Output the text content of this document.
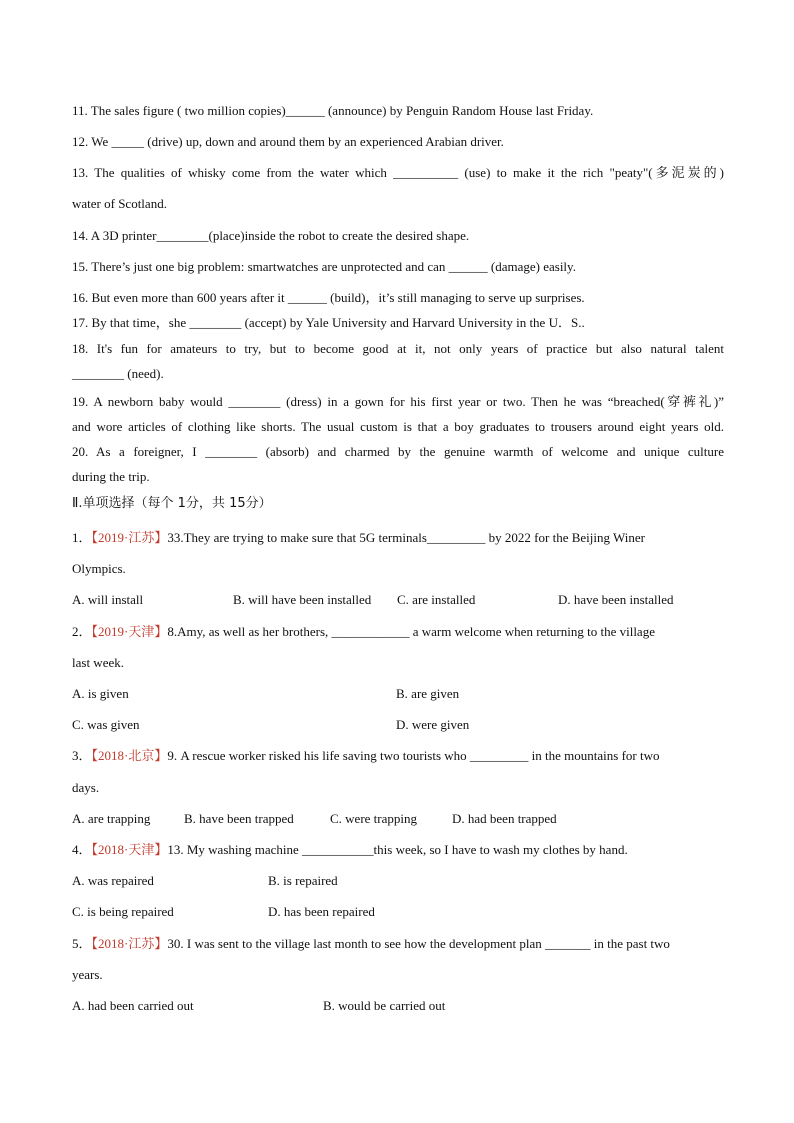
11. The sales figure ( two million copies)______ (announce) by Penguin Random House last Friday.
12. We _____ (drive) up, down and around them by an experienced Arabian driver.
13. The qualities of whisky come from the water which __________ (use) to make it the rich "peaty"(多泥炭的)
water of Scotland.
14. A 3D printer________(place)inside the robot to create the desired shape.
15. There’s just one big problem: smartwatches are unprotected and can ______ (damage) easily.
16. But even more than 600 years after it ______ (build)，it’s still managing to serve up surprises.
17. By that time，she ________ (accept) by Yale University and Harvard University in the U．S..
18. It's fun for amateurs to try, but to become good at it, not only years of practice but also natural talent
________ (need).
19. A newborn baby would ________ (dress) in a gown for his first year or two. Then he was “breached(穿裤礼)”
and wore articles of clothing like shorts. The usual custom is that a boy graduates to trousers around eight years old.
20. As a foreigner, I ________ (absorb) and charmed by the genuine warmth of welcome and unique culture
during the trip.
Ⅱ.单项选择（每个 1分，共 15分）
1．【2019·江苏】33.They are trying to make sure that 5G terminals_________ by 2022 for the Beijing Winer
Olympics.
A. will install	B. will have been installed C. are installed	D. have been installed
2．【2019·天津】8.Amy, as well as her brothers, ____________ a warm welcome when returning to the village
last week.
A. is given	B. are given
C. was given	D. were given
3．【2018·北京】9. A rescue worker risked his life saving two tourists who _________ in the mountains for two
days.
A. are trapping	B. have been trapped	C. were trapping	D. had been trapped
4．【2018·天津】13. My washing machine ___________this week, so I have to wash my clothes by hand.
A. was repaired	B. is repaired
C. is being repaired	D. has been repaired
5．【2018·江苏】30. I was sent to the village last month to see how the development plan _______ in the past two
years.
A. had been carried out	B. would be carried out
